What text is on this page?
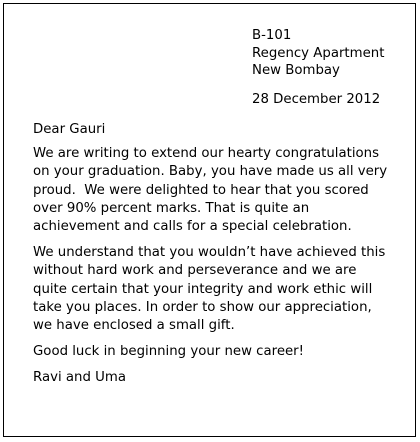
B-101
Regency Apartment
New Bombay
28 December 2012

Dear Gauri

We are writing to extend our hearty congratulations
on your graduation. Baby, you have made us all very
proud.  We were delighted to hear that you scored
over 90% percent marks. That is quite an
achievement and calls for a special celebration.

We understand that you wouldn’t have achieved this
without hard work and perseverance and we are
quite certain that your integrity and work ethic will
take you places. In order to show our appreciation,
we have enclosed a small gift.

Good luck in beginning your new career!

Ravi and Uma
